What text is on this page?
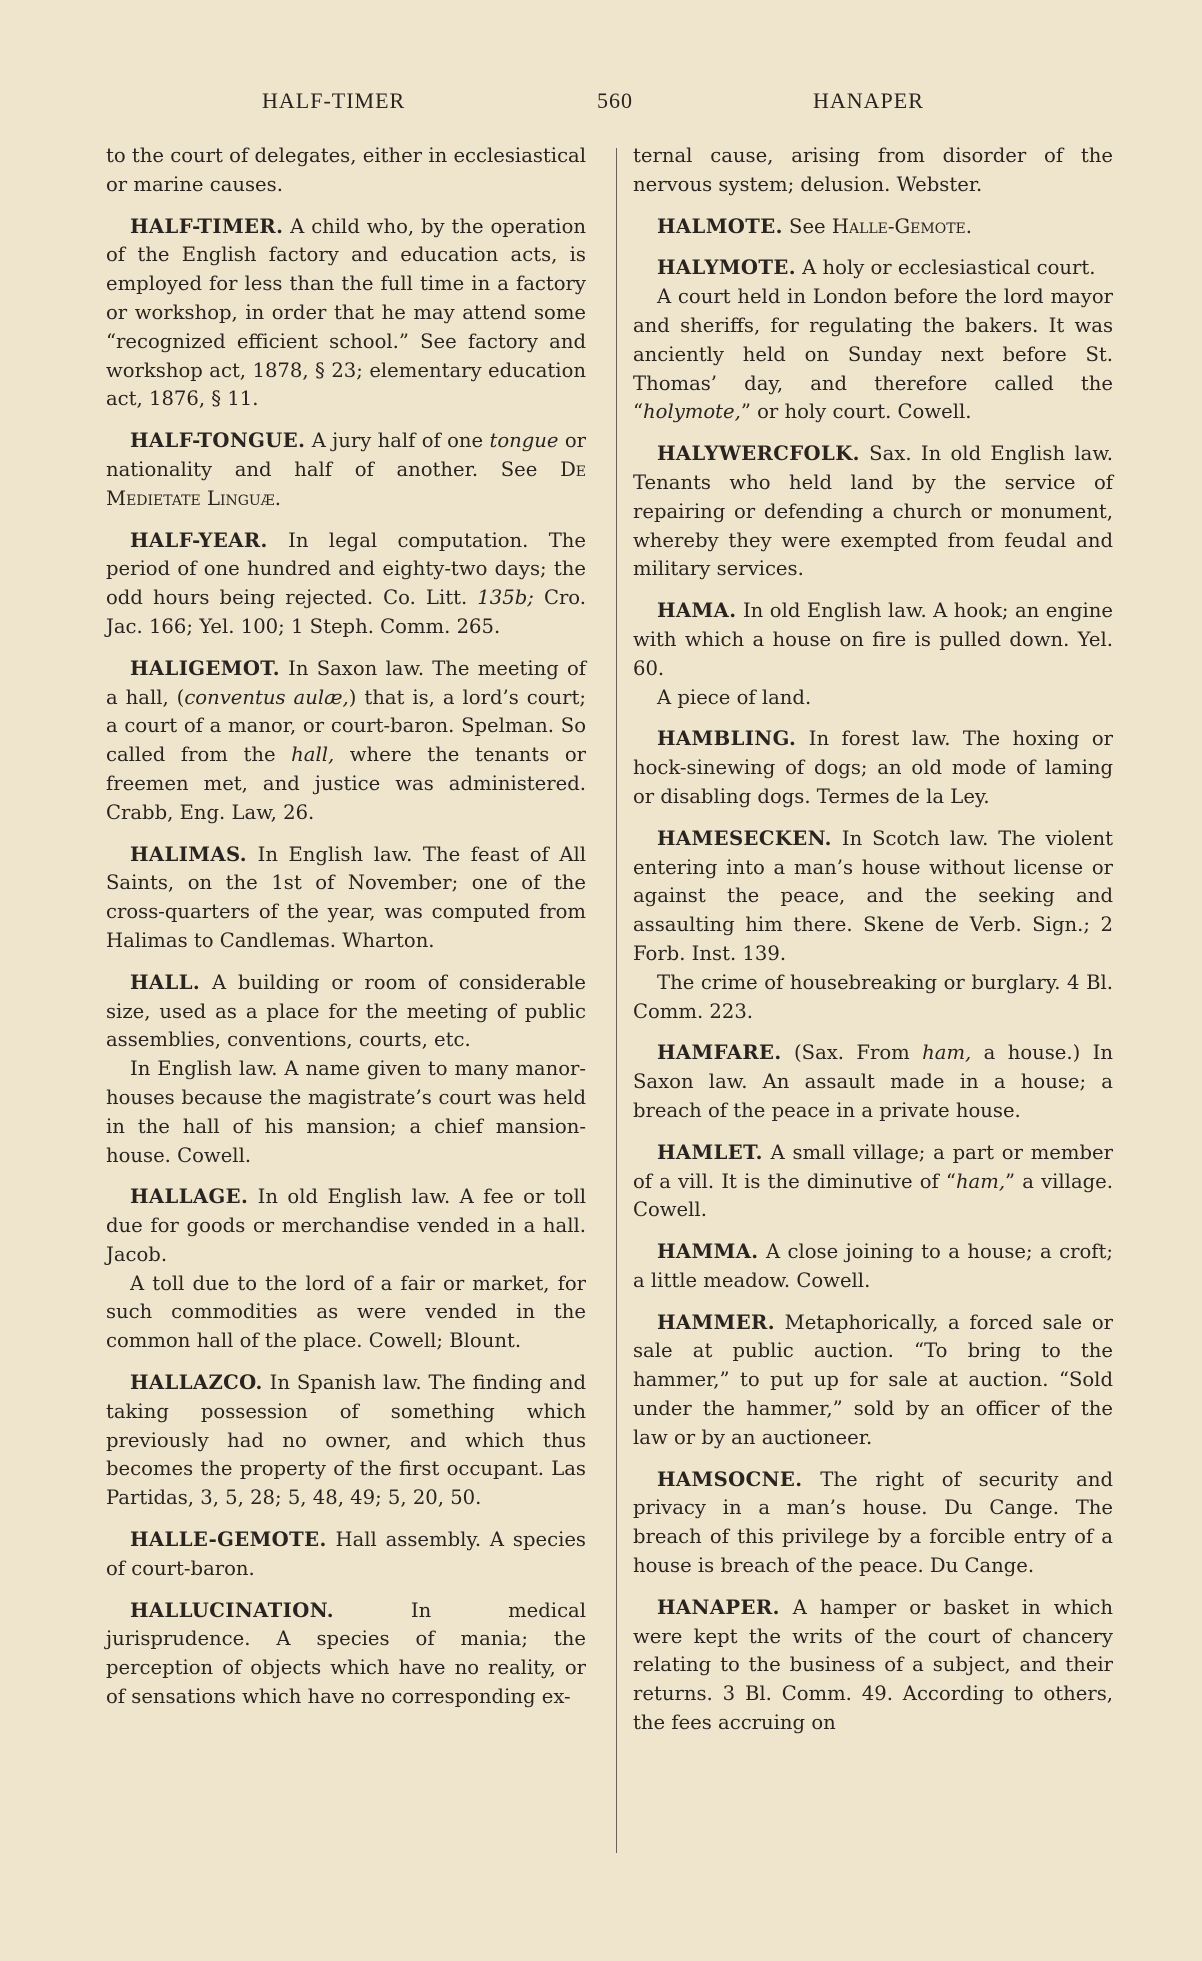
HALF-TIMER	560	HANAPER

to the court of delegates, either in ecclesiastical or marine causes.

HALF-TIMER. A child who, by the operation of the English factory and education acts, is employed for less than the full time in a factory or workshop, in order that he may attend some “recognized efficient school.” See factory and workshop act, 1878, § 23; elementary education act, 1876, § 11.

HALF-TONGUE. A jury half of one tongue or nationality and half of another. See De Medietate Linguæ.

HALF-YEAR. In legal computation. The period of one hundred and eighty-two days; the odd hours being rejected. Co. Litt. 135b; Cro. Jac. 166; Yel. 100; 1 Steph. Comm. 265.

HALIGEMOT. In Saxon law. The meeting of a hall, (conventus aulæ,) that is, a lord’s court; a court of a manor, or court-baron. Spelman. So called from the hall, where the tenants or freemen met, and justice was administered. Crabb, Eng. Law, 26.

HALIMAS. In English law. The feast of All Saints, on the 1st of November; one of the cross-quarters of the year, was computed from Halimas to Candlemas. Wharton.

HALL. A building or room of considerable size, used as a place for the meeting of public assemblies, conventions, courts, etc.

In English law. A name given to many manor-houses because the magistrate’s court was held in the hall of his mansion; a chief mansion-house. Cowell.

HALLAGE. In old English law. A fee or toll due for goods or merchandise vended in a hall. Jacob.

A toll due to the lord of a fair or market, for such commodities as were vended in the common hall of the place. Cowell; Blount.

HALLAZCO. In Spanish law. The finding and taking possession of something which previously had no owner, and which thus becomes the property of the first occupant. Las Partidas, 3, 5, 28; 5, 48, 49; 5, 20, 50.

HALLE-GEMOTE. Hall assembly. A species of court-baron.

HALLUCINATION.	In medical jurisprudence. A species of mania; the perception of objects which have no reality, or of sensations which have no corresponding ex-

ternal cause, arising from disorder of the nervous system; delusion. Webster.

HALMOTE. See Halle-Gemote.

HALYMOTE. A holy or ecclesiastical court.

A court held in London before the lord mayor and sheriffs, for regulating the bakers. It was anciently held on Sunday next before St. Thomas’ day, and therefore called the “holymote,” or holy court. Cowell.

HALYWERCFOLK. Sax. In old English law. Tenants who held land by the service of repairing or defending a church or monument, whereby they were exempted from feudal and military services.

HAMA. In old English law. A hook; an engine with which a house on fire is pulled down. Yel. 60.

A piece of land.

HAMBLING. In forest law. The hoxing or hock-sinewing of dogs; an old mode of laming or disabling dogs. Termes de la Ley.

HAMESECKEN. In Scotch law. The violent entering into a man’s house without license or against the peace, and the seeking and assaulting him there. Skene de Verb. Sign.; 2 Forb. Inst. 139.

The crime of housebreaking or burglary. 4 Bl. Comm. 223.

HAMFARE. (Sax. From ham, a house.) In Saxon law. An assault made in a house; a breach of the peace in a private house.

HAMLET. A small village; a part or member of a vill. It is the diminutive of “ham,” a village. Cowell.

HAMMA. A close joining to a house; a croft; a little meadow. Cowell.

HAMMER. Metaphorically, a forced sale or sale at public auction. “To bring to the hammer,” to put up for sale at auction. “Sold under the hammer,” sold by an officer of the law or by an auctioneer.

HAMSOCNE. The right of security and privacy in a man’s house. Du Cange. The breach of this privilege by a forcible entry of a house is breach of the peace. Du Cange.

HANAPER. A hamper or basket in which were kept the writs of the court of chancery relating to the business of a subject, and their returns. 3 Bl. Comm. 49. According to others, the fees accruing on
